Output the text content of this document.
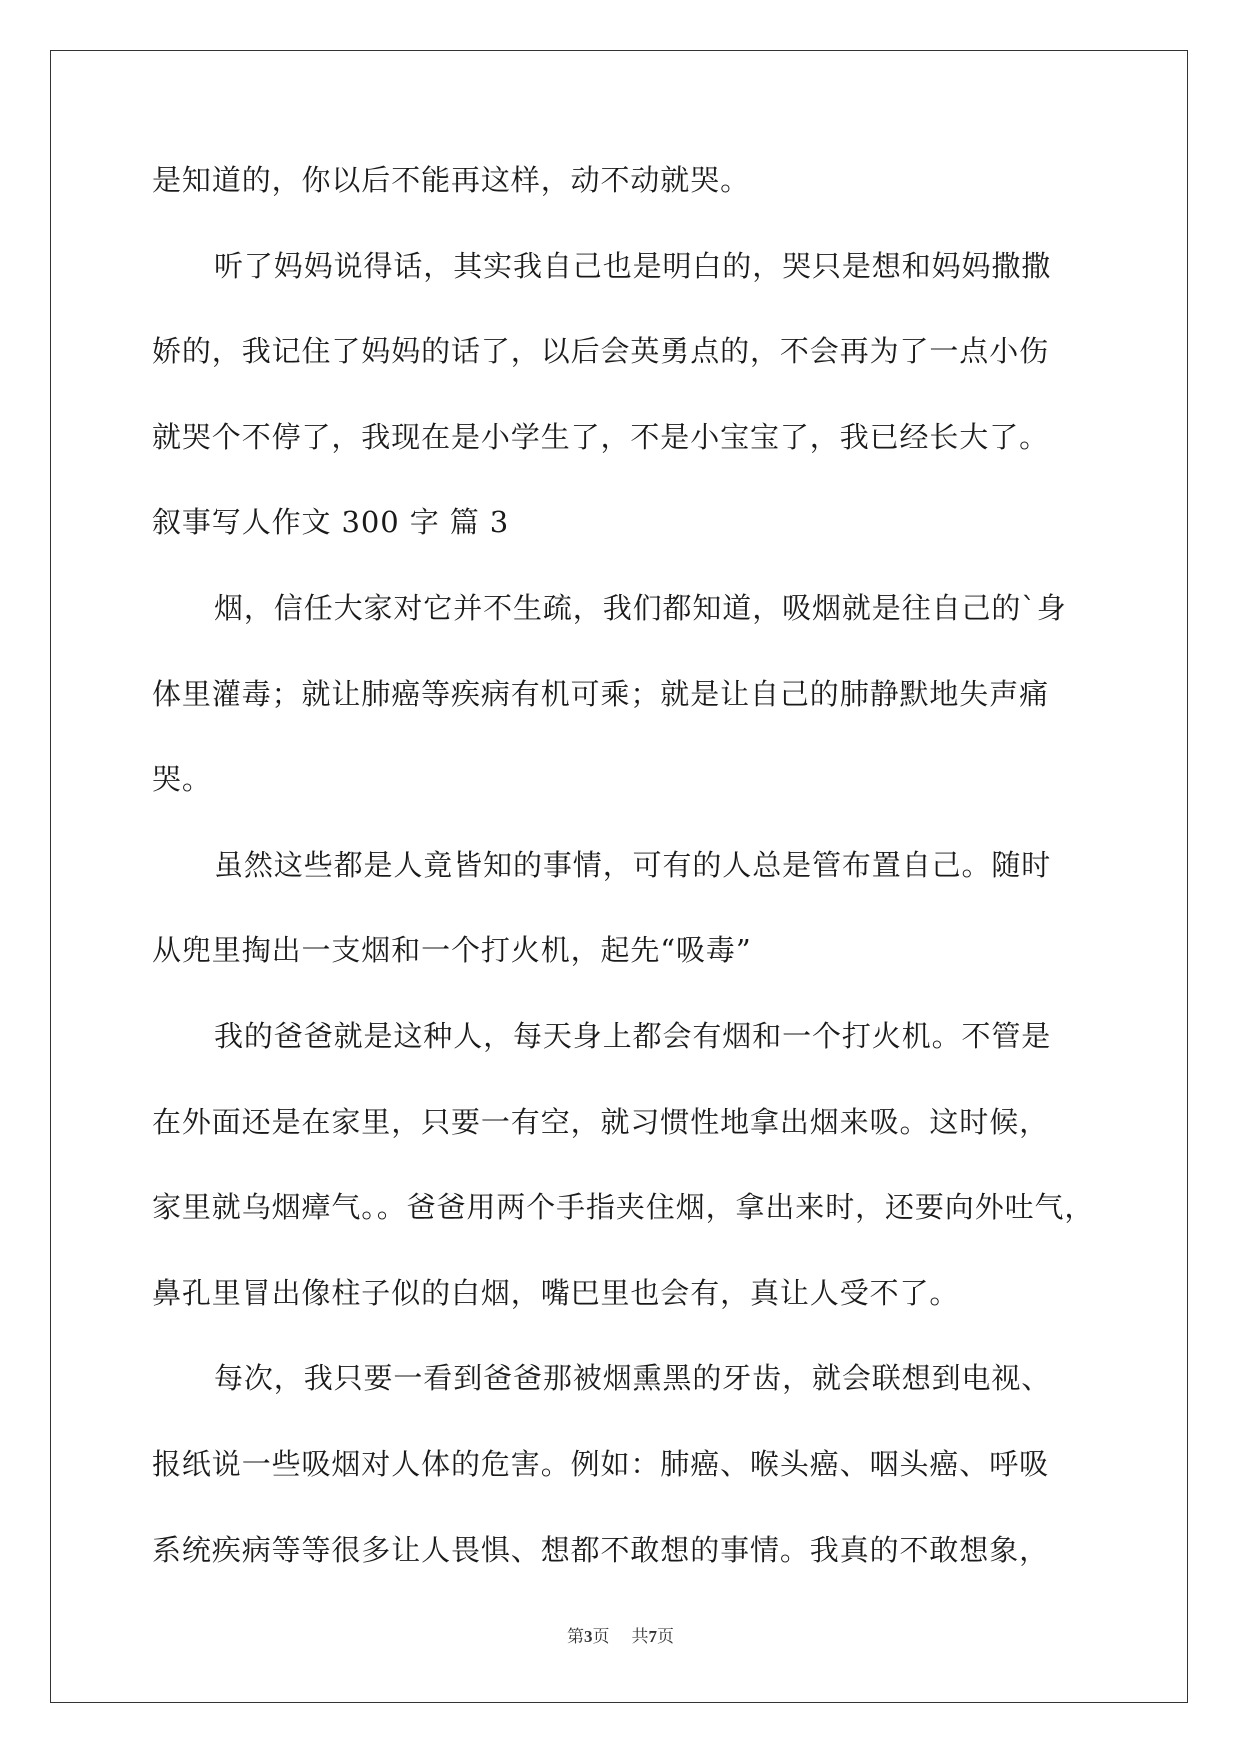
是知道的，你以后不能再这样，动不动就哭。

听了妈妈说得话，其实我自己也是明白的，哭只是想和妈妈撒撒

娇的，我记住了妈妈的话了，以后会英勇点的，不会再为了一点小伤

就哭个不停了，我现在是小学生了，不是小宝宝了，我已经长大了。

叙事写人作文 300 字 篇 3

烟，信任大家对它并不生疏，我们都知道，吸烟就是往自己的`身

体里灌毒；就让肺癌等疾病有机可乘；就是让自己的肺静默地失声痛

哭。

虽然这些都是人竟皆知的事情，可有的人总是管布置自己。随时

从兜里掏出一支烟和一个打火机，起先“吸毒”

我的爸爸就是这种人，每天身上都会有烟和一个打火机。不管是

在外面还是在家里，只要一有空，就习惯性地拿出烟来吸。这时候，

家里就乌烟瘴气。。爸爸用两个手指夹住烟，拿出来时，还要向外吐气，

鼻孔里冒出像柱子似的白烟，嘴巴里也会有，真让人受不了。

每次，我只要一看到爸爸那被烟熏黑的牙齿，就会联想到电视、

报纸说一些吸烟对人体的危害。例如：肺癌、喉头癌、咽头癌、呼吸

系统疾病等等很多让人畏惧、想都不敢想的事情。我真的不敢想象，

第3页 共7页
